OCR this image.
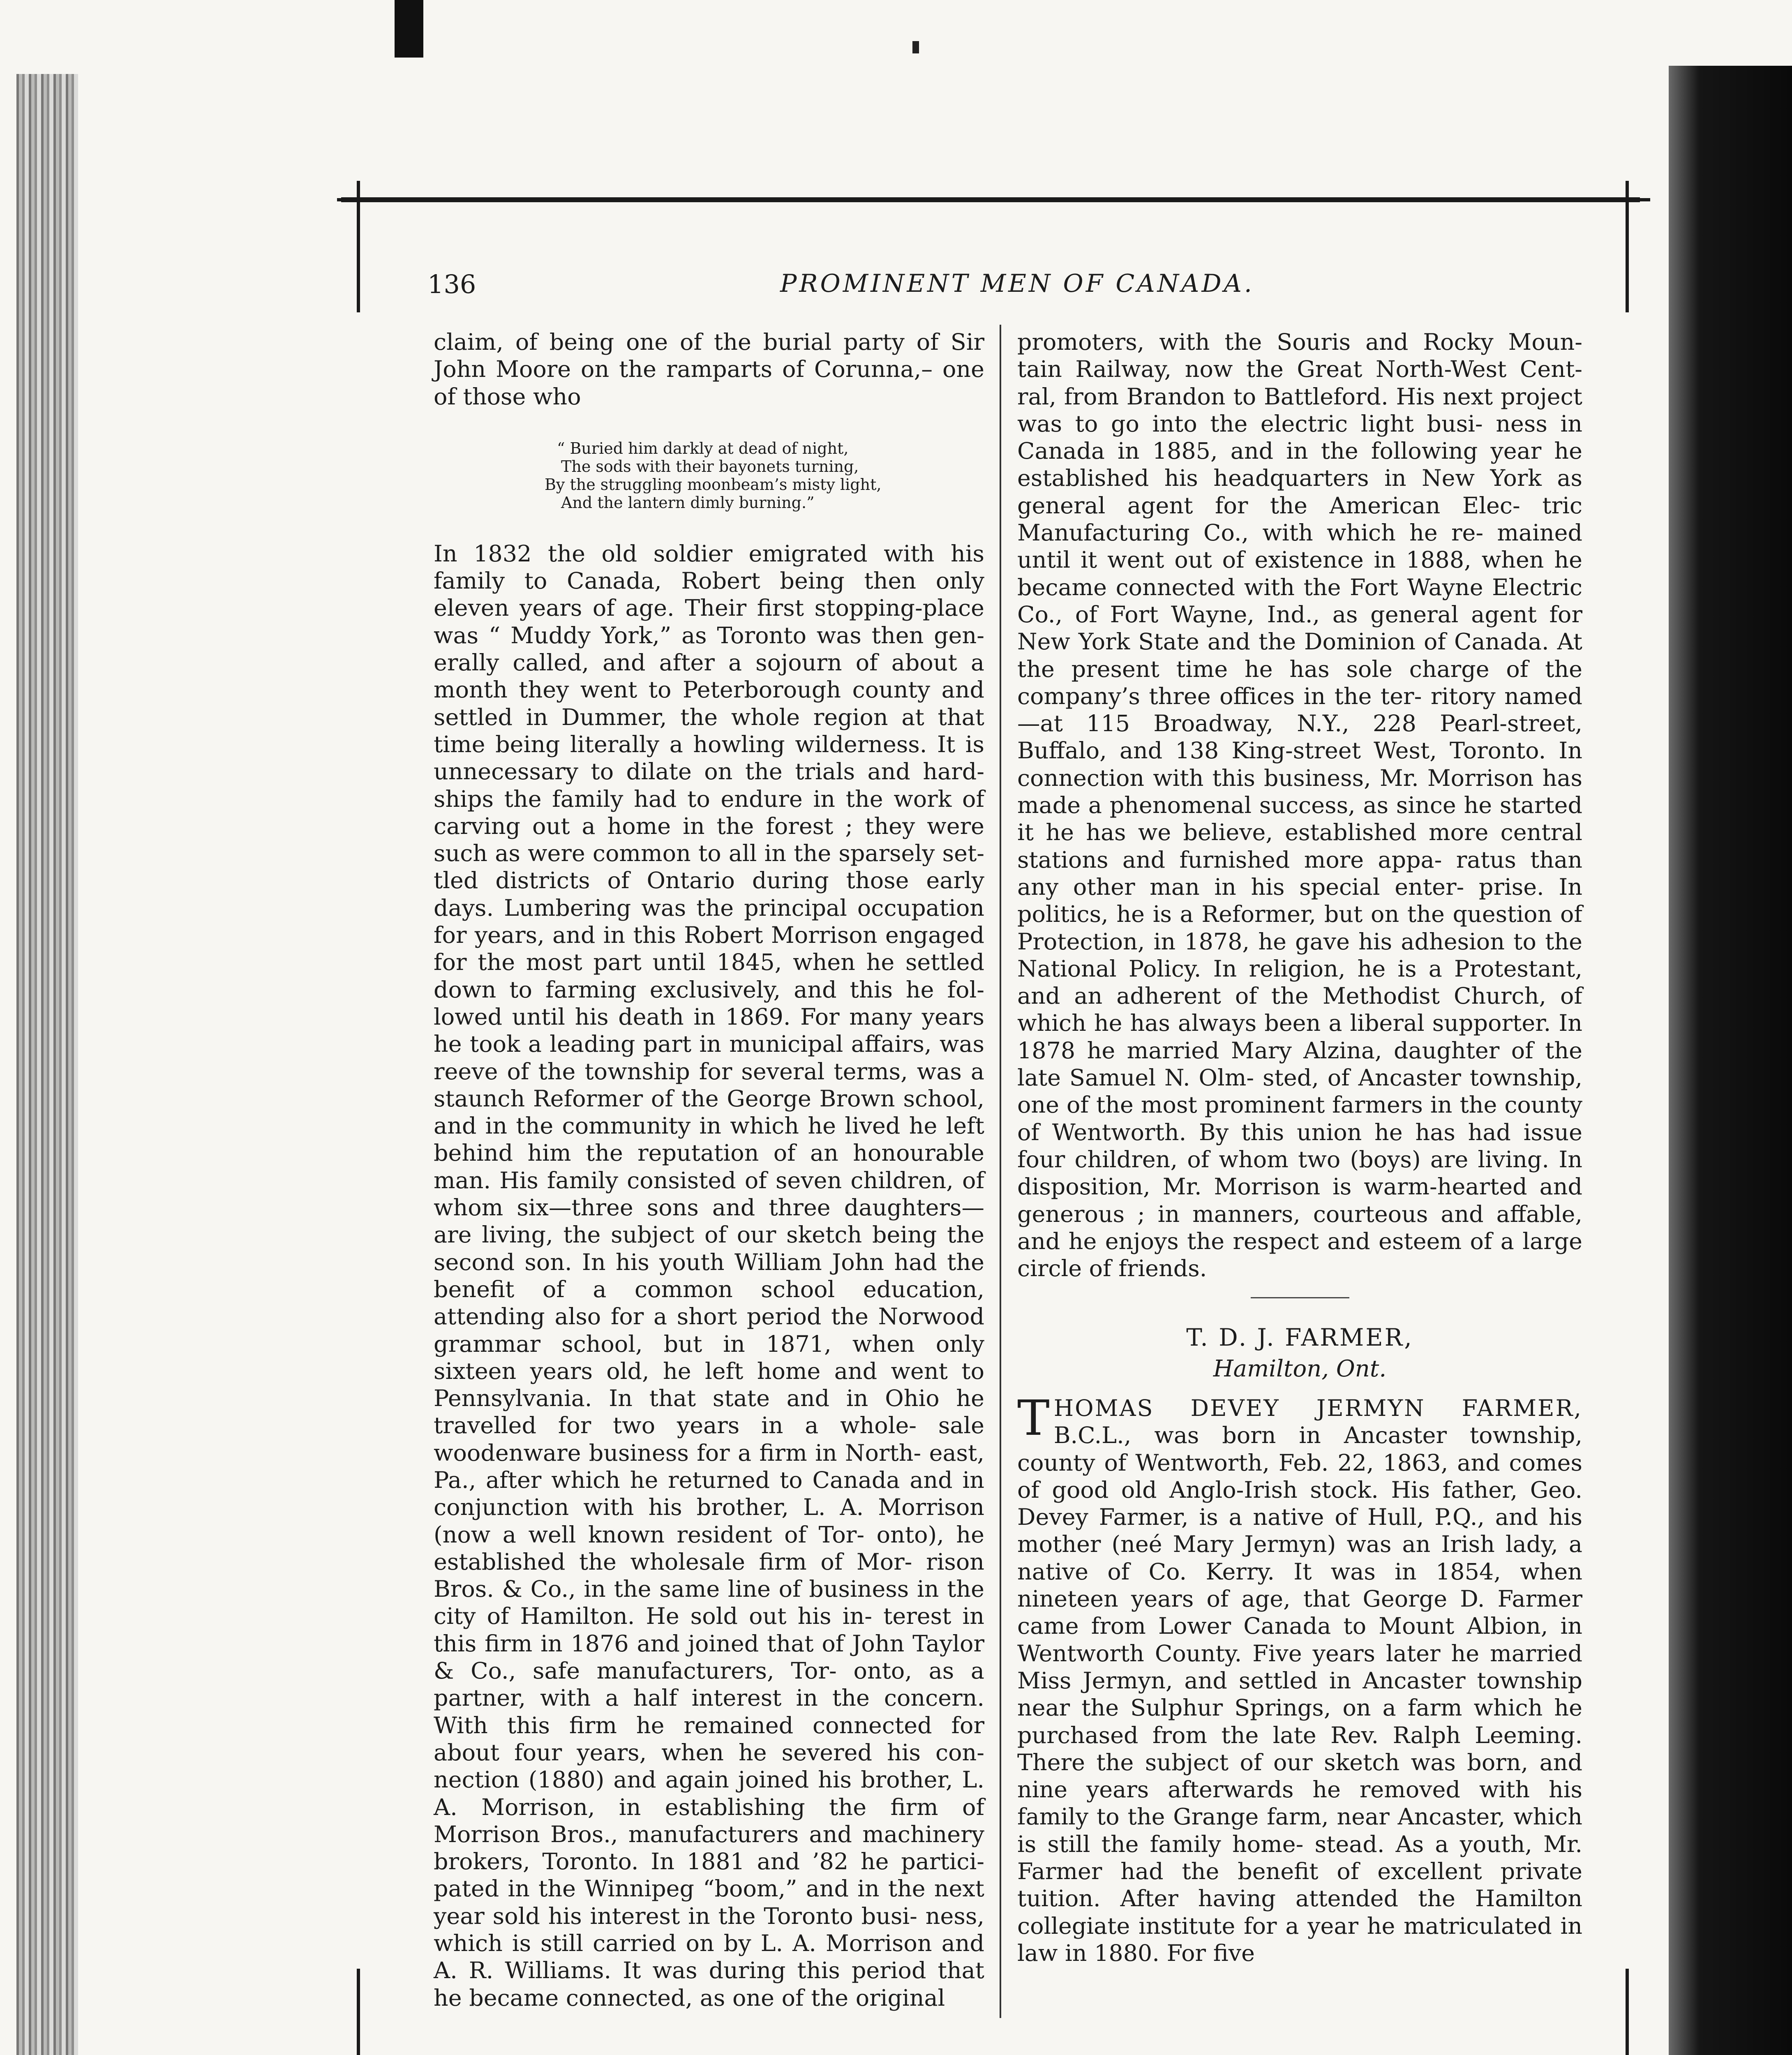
136	PROMINENT MEN OF CANADA.

claim, of being one of the burial party of Sir John Moore on the ramparts of Corunna,– one of those who

“ Buried him darkly at dead of night,
The sods with their bayonets turning,
By the struggling moonbeam’s misty light,
And the lantern dimly burning.”

In 1832 the old soldier emigrated with his family to Canada, Robert being then only eleven years of age. Their first stopping-place was “ Muddy York,” as Toronto was then gen- erally called, and after a sojourn of about a month they went to Peterborough county and settled in Dummer, the whole region at that time being literally a howling wilderness. It is unnecessary to dilate on the trials and hard- ships the family had to endure in the work of carving out a home in the forest ; they were such as were common to all in the sparsely set- tled districts of Ontario during those early days. Lumbering was the principal occupation for years, and in this Robert Morrison engaged for the most part until 1845, when he settled down to farming exclusively, and this he fol- lowed until his death in 1869. For many years he took a leading part in municipal affairs, was reeve of the township for several terms, was a staunch Reformer of the George Brown school, and in the community in which he lived he left behind him the reputation of an honourable man. His family consisted of seven children, of whom six—three sons and three daughters—are living, the subject of our sketch being the second son. In his youth William John had the benefit of a common school education, attending also for a short period the Norwood grammar school, but in 1871, when only sixteen years old, he left home and went to Pennsylvania. In that state and in Ohio he travelled for two years in a whole- sale woodenware business for a firm in North- east, Pa., after which he returned to Canada and in conjunction with his brother, L. A. Morrison (now a well known resident of Tor- onto), he established the wholesale firm of Mor- rison Bros. & Co., in the same line of business in the city of Hamilton. He sold out his in- terest in this firm in 1876 and joined that of John Taylor & Co., safe manufacturers, Tor- onto, as a partner, with a half interest in the concern. With this firm he remained connected for about four years, when he severed his con- nection (1880) and again joined his brother, L. A. Morrison, in establishing the firm of Morrison Bros., manufacturers and machinery brokers, Toronto. In 1881 and ’82 he partici- pated in the Winnipeg “boom,” and in the next year sold his interest in the Toronto busi- ness, which is still carried on by L. A. Morrison and A. R. Williams. It was during this period that he became connected, as one of the original

promoters, with the Souris and Rocky Moun- tain Railway, now the Great North-West Cent- ral, from Brandon to Battleford. His next project was to go into the electric light busi- ness in Canada in 1885, and in the following year he established his headquarters in New York as general agent for the American Elec- tric Manufacturing Co., with which he re- mained until it went out of existence in 1888, when he became connected with the Fort Wayne Electric Co., of Fort Wayne, Ind., as general agent for New York State and the Dominion of Canada. At the present time he has sole charge of the company’s three offices in the ter- ritory named—at 115 Broadway, N.Y., 228 Pearl-street, Buffalo, and 138 King-street West, Toronto. In connection with this business, Mr. Morrison has made a phenomenal success, as since he started it he has we believe, established more central stations and furnished more appa- ratus than any other man in his special enter- prise. In politics, he is a Reformer, but on the question of Protection, in 1878, he gave his adhesion to the National Policy. In religion, he is a Protestant, and an adherent of the Methodist Church, of which he has always been a liberal supporter. In 1878 he married Mary Alzina, daughter of the late Samuel N. Olm- sted, of Ancaster township, one of the most prominent farmers in the county of Wentworth. By this union he has had issue four children, of whom two (boys) are living. In disposition, Mr. Morrison is warm-hearted and generous ; in manners, courteous and affable, and he enjoys the respect and esteem of a large circle of friends.

T. D. J. FARMER,
Hamilton, Ont.

THOMAS DEVEY JERMYN FARMER, B.C.L., was born in Ancaster township, county of Wentworth, Feb. 22, 1863, and comes of good old Anglo-Irish stock. His father, Geo. Devey Farmer, is a native of Hull, P.Q., and his mother (neé Mary Jermyn) was an Irish lady, a native of Co. Kerry. It was in 1854, when nineteen years of age, that George D. Farmer came from Lower Canada to Mount Albion, in Wentworth County. Five years later he married Miss Jermyn, and settled in Ancaster township near the Sulphur Springs, on a farm which he purchased from the late Rev. Ralph Leeming. There the subject of our sketch was born, and nine years afterwards he removed with his family to the Grange farm, near Ancaster, which is still the family home- stead. As a youth, Mr. Farmer had the benefit of excellent private tuition. After having attended the Hamilton collegiate institute for a year he matriculated in law in 1880. For five
